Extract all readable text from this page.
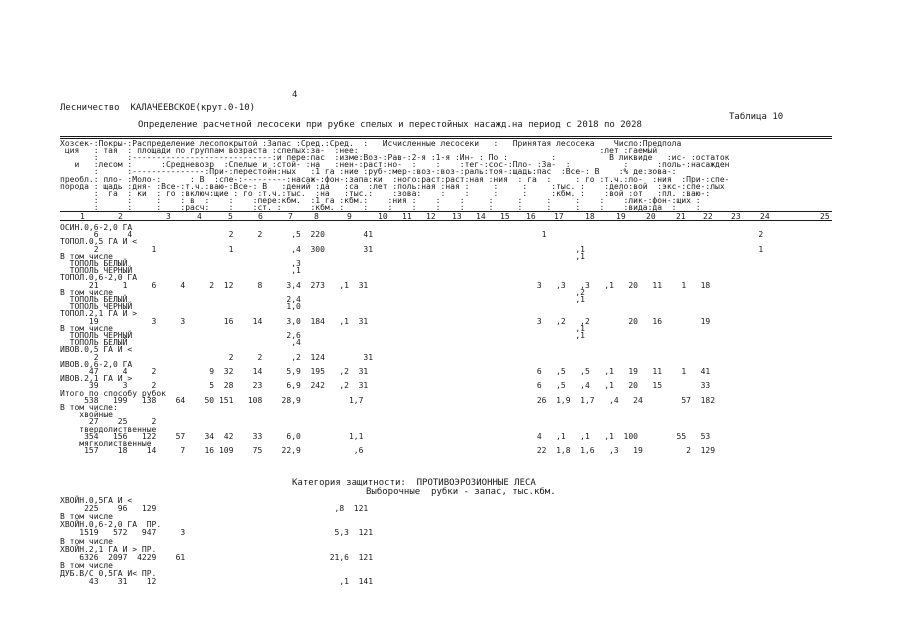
4
Лесничество  КАЛАЧЕЕВСКОЕ(крут.0-10)
Таблица 10
Определение расчетной лесосеки при рубке спелых и перестойных насажд.на период с 2018 по 2028
Хозсек-:Покры-:Распределение лесопокрытой :Запас :Сред.:Сред.  :   Исчисленные лесосеки   :   Принятая лесосека    Число:Предпола
ция   : тая  : площади по группам возраста :спелых:за-  :нее:                                                  :лет :гаемый
:      :-----------------------------:и пере:пас  :изме:Воз-:Рав-:2-я :1-я :Ин- : По :         :           В ликвиде   :ис- :остаток
и   :лесом :      :Средневозр  :Спелые и :стой- :на   :нен-:раст:но-  :    :    :тег-:сос-:Пло- :За-  :           :      :поль-:насажден
:      :---------------:При-:перестойн:ных   :1 га :ние :руб-:мер-:воз-:воз-:раль:тоя-:щадь:пас  :Все-: В    :% де:зова-:
преобл.: пло- :Моло-:      : В  :спе-:---------:насаж-:фон-:запа:ки  :ного:раст:раст:ная :ния  : га  :     : го :т.ч.:ло-  :ния  :При-:спе-
порода : щадь :дня- :Все-:т.ч.:ваю-:Все-: В   :дений :да   :са  :лет :поль:ная :ная :     :     :     :тыс. :    :дело:вой  :экс-:спе-:лых
:  га  : ки  : го :включ:щие : го :т.ч.:тыс.  :на   :тыс.:    :зова:    :    :     :     :     :кбм. :    :вой :от   :пл. :ваю-:
:      :     :    : в  :    :    :пере:кбм.  :1 га :кбм.:    :ния :    :    :     :     :     :     :    :    :лик-:фон-:щих :
:      :     :    :расч:    :    :ст. :      :кбм. :    :    :    :    :    :     :     :     :     :    :    :вида:да  :    :
1	2	3	4	5	6	7	8	9	10 11 12 13 14 15 16 17	18	19	20	21 22 23 24	25
ОСИН.0,6-2,0 ГА
6      4                    2     2      ,5  220        41                                   1                                            2
ТОПОЛ.0,5 ГА И <
2           1               1            ,4  300        31                                          ,1                                    1
В том числе                                                                                                ,1
ТОПОЛЬ БЕЛЫЙ                                  ,3
ТОПОЛЬ ЧЕРНЫЙ                                 ,1
ТОПОЛ.0,6-2,0 ГА
21     1     6     4     2  12     8     3,4  273   ,1  31                                   3   ,3   ,3   ,1   20   11    1   18
В том числе                                                                                                ,2
ТОПОЛЬ БЕЛЫЙ                                 2,4                                                         ,1
ТОПОЛЬ ЧЕРНЫЙ                                1,0
ТОПОЛ.2,1 ГА И >
19           3     3        16    14     3,0  184   ,1  31                                   3   ,2   ,2        20   16        19
В том числе                                                                                                ,1
ТОПОЛЬ ЧЕРНЫЙ                                2,6                                                         ,1
ТОПОЛЬ БЕЛЫЙ                                  ,4
ИВОВ.0,5 ГА И <
2                           2     2      ,2  124        31
ИВОВ.0,6-2,0 ГА
47     4     2           9  32    14     5,9  195   ,2  31                                   6   ,5   ,5   ,1   19   11    1   41
ИВОВ.2,1 ГА И >
39     3     2           5  28    23     6,9  242   ,2  31                                   6   ,5   ,4   ,1   20   15        33
Итого по способу рубок
538   199   138    64    50 151   108    28,9          1,7                                    26  1,9  1,7   ,4   24        57  182
В том числе:
хвойные
27    25     2
твердолиственные
354   156   122    57    34  42    33     6,0          1,1                                    4   ,1   ,1   ,1  100        55   53
мягколиственные
157    18    14     7    16 109    75    22,9           ,6                                    22  1,8  1,6   ,3   19         2  129
Категория защитности:  ПРОТИВОЭРОЗИОННЫЕ ЛЕСА
Выборочные  рубки - запас, тыс.кбм.
ХВОЙН.0,5ГА И <
225    96   129                                     ,8  121
В том числе
ХВОЙН.0,6-2,0 ГА  ПР.
1519   572   947     3                               5,3  121
В том числе
ХВОЙН.2,1 ГА И > ПР.
6326  2097  4229    61                              21,6  121
В том числе
ДУБ.В/С 0,5ГА И< ПР.
43    31    12                                      ,1  141
